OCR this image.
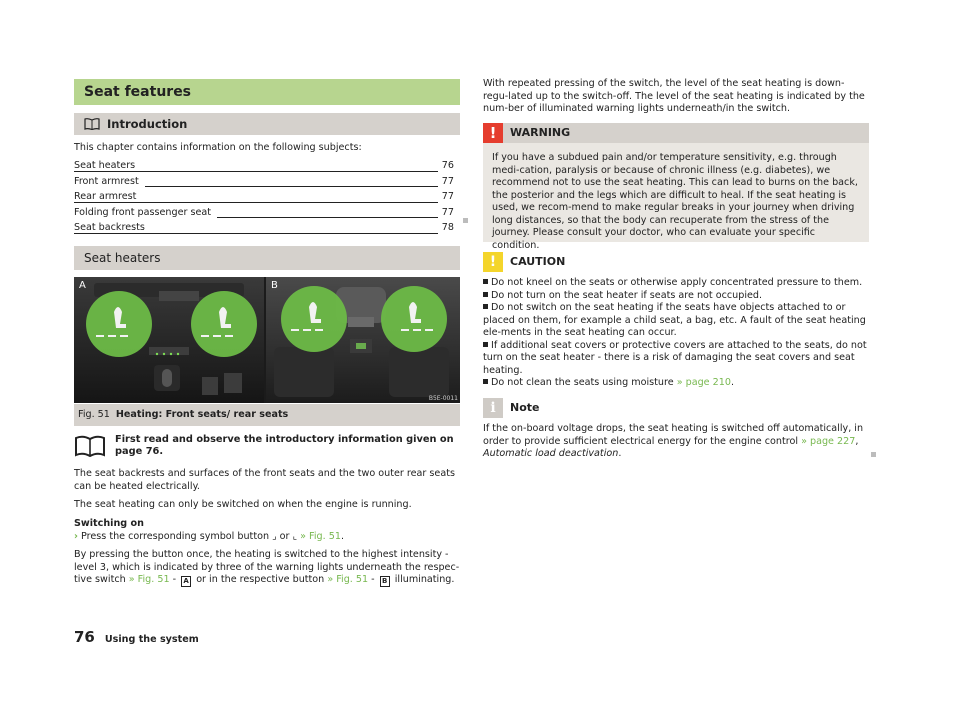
Seat features
Introduction

This chapter contains information on the following subjects:

Seat heaters	76
Front armrest	77
Rear armrest	77
Folding front passenger seat	77
Seat backrests	78
Seat heaters
A	B
B5E-0011
Fig. 51 Heating: Front seats/ rear seats
First read and observe the introductory information given on page 76.

The seat backrests and surfaces of the front seats and the two outer rear seats can be heated electrically.

The seat heating can only be switched on when the engine is running.

Switching on

› Press the corresponding symbol button ⌟ or ⌞ » Fig. 51.

By pressing the button once, the heating is switched to the highest intensity - level 3, which is indicated by three of the warning lights underneath the respec-tive switch » Fig. 51 - A or in the respective button » Fig. 51 - B illuminating.

With repeated pressing of the switch, the level of the seat heating is down-regu-lated up to the switch-off. The level of the seat heating is indicated by the num-ber of illuminated warning lights underneath/in the switch.

!	WARNING

If you have a subdued pain and/or temperature sensitivity, e.g. through medi-cation, paralysis or because of chronic illness (e.g. diabetes), we recommend not to use the seat heating. This can lead to burns on the back, the posterior and the legs which are difficult to heal. If the seat heating is used, we recom-mend to make regular breaks in your journey when driving long distances, so that the body can recuperate from the stress of the journey. Please consult your doctor, who can evaluate your specific condition.

!	CAUTION

Do not kneel on the seats or otherwise apply concentrated pressure to them.

Do not turn on the seat heater if seats are not occupied.

Do not switch on the seat heating if the seats have objects attached to or placed on them, for example a child seat, a bag, etc. A fault of the seat heating ele-ments in the seat heating can occur.

If additional seat covers or protective covers are attached to the seats, do not turn on the seat heater - there is a risk of damaging the seat covers and seat heating.

Do not clean the seats using moisture » page 210.

i	Note

If the on-board voltage drops, the seat heating is switched off automatically, in order to provide sufficient electrical energy for the engine control » page 227, Automatic load deactivation.

76 Using the system
